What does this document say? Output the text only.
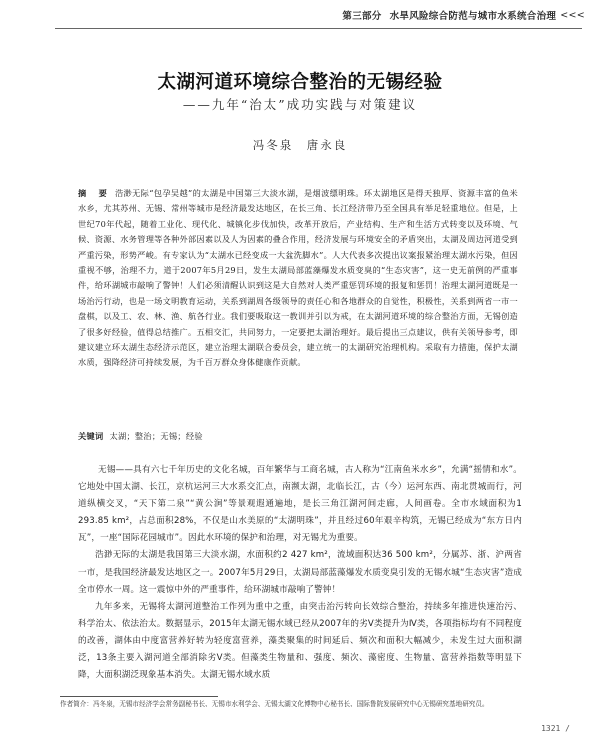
第三部分 水旱风险综合防范与城市水系统合治理 <<<
太湖河道环境综合整治的无锡经验
——九年“治太”成功实践与对策建议
冯冬泉　唐永良
摘　要 浩渺无际“包孕吴越”的太湖是中国第三大淡水湖，是烟波缥明珠。环太湖地区是得天独厚、资源丰富的鱼米水乡，尤其苏州、无锡、常州等城市是经济最发达地区，在长三角、长江经济带乃至全国具有举足轻重地位。但是，上世纪70年代起，随着工业化、现代化、城镇化步伐加快，改革开放后，产业结构、生产和生活方式转变以及环境、气候、资源、水务管理等各种外部因素以及人为因素的叠合作用，经济发展与环境安全的矛盾突出，太湖及周边河道受到严重污染，形势严峻。有专家认为“太湖水已经变成一大盆洗脚水”。人大代表多次提出议案报紧治理太湖水污染，但因重视不够，治理不力，道于2007年5月29日，发生太湖局部蓝藻爆发水质变臭的“生态灾害”，这一史无前例的严重事件，给环湖城市敲响了警钟！人们必须清醒认识到这是大自然对人类严重惩罚环境的报复和惩罚！治理太湖河道既是一场治污行动，也是一场文明教育运动，关系到湖周各级领导的责任心和各地群众的自觉性，积极性，关系到两省一市一盘棋，以及工、农、林、渔、航各行业。我们要吸取这一教训并引以为戒，在太湖河道环境的综合整治方面，无锡创造了很多好经验，值得总结推广。五相交汇，共同努力，一定要把太湖治理好。最后提出三点建议，供有关领导参考，即建议建立环太湖生态经济示范区，建立治理太湖联合委员会，建立统一的太湖研究治理机构。采取有力措施，保护太湖水质，强降经济可持续发展，为千百万群众身体健康作贡献。
关键词 太湖；整治；无锡；经验

无锡——具有六七千年历史的文化名城，百年繁华与工商名城，古人称为“江南鱼米水乡”，允满“摇情和水”。它地处中国太湖、长江，京杭运河三大水系交汇点，南濒太湖，北临长江，古（今）运河东西、南北贯城而行，河道纵横交叉，“天下第二泉”“黄公涧”等景观遐通遍地，是长三角江湖河间走廊，人间画卷。全市水域面积为1 293.85 km²，占总面积28%，不仅是山水美原的“太湖明珠”，并且经过60年艰辛构筑，无锡已经成为“东方日内瓦”，一座“国际花园城市”。因此水环境的保护和治理，对无锡尤为重要。

浩渺无际的太湖是我国第三大淡水湖，水面积约2 427 km²，流域面积达36 500 km²，分属苏、浙、沪两省一市，是我国经济最发达地区之一。2007年5月29日，太湖局部蓝藻爆发水质变臭引发的无锡水城“生态灾害”造成全市停水一周。这一震惊中外的严重事件，给环湖城市敲响了警钟！

九年多来，无锡将太湖河道整治工作列为重中之重，由突击治污转向长效综合整治，持续多年推进快速治污、科学治太、依法治太。数据显示，2015年太湖无锡水域已经从2007年的劣V类提升为Ⅳ类，各项指标均有不同程度的改善，湖体由中度富营养好转为轻度富营养，藻类聚集的时间延后、频次和面积大幅减少，未发生过大面积湖泛，13条主要入湖河道全部消除劣V类。但藻类生物量和、强度、频次、藻密度、生物量、富营养指数等明显下降，大面积湖泛现象基本消失。太湖无锡水域水质

作者简介：冯冬泉，无锡市经济学会常务副秘书长、无锡市水利学会、无锡太湖文化博物中心秘书长、国际鲁院发展研究中心无锡研究基地研究员。
1321 /
